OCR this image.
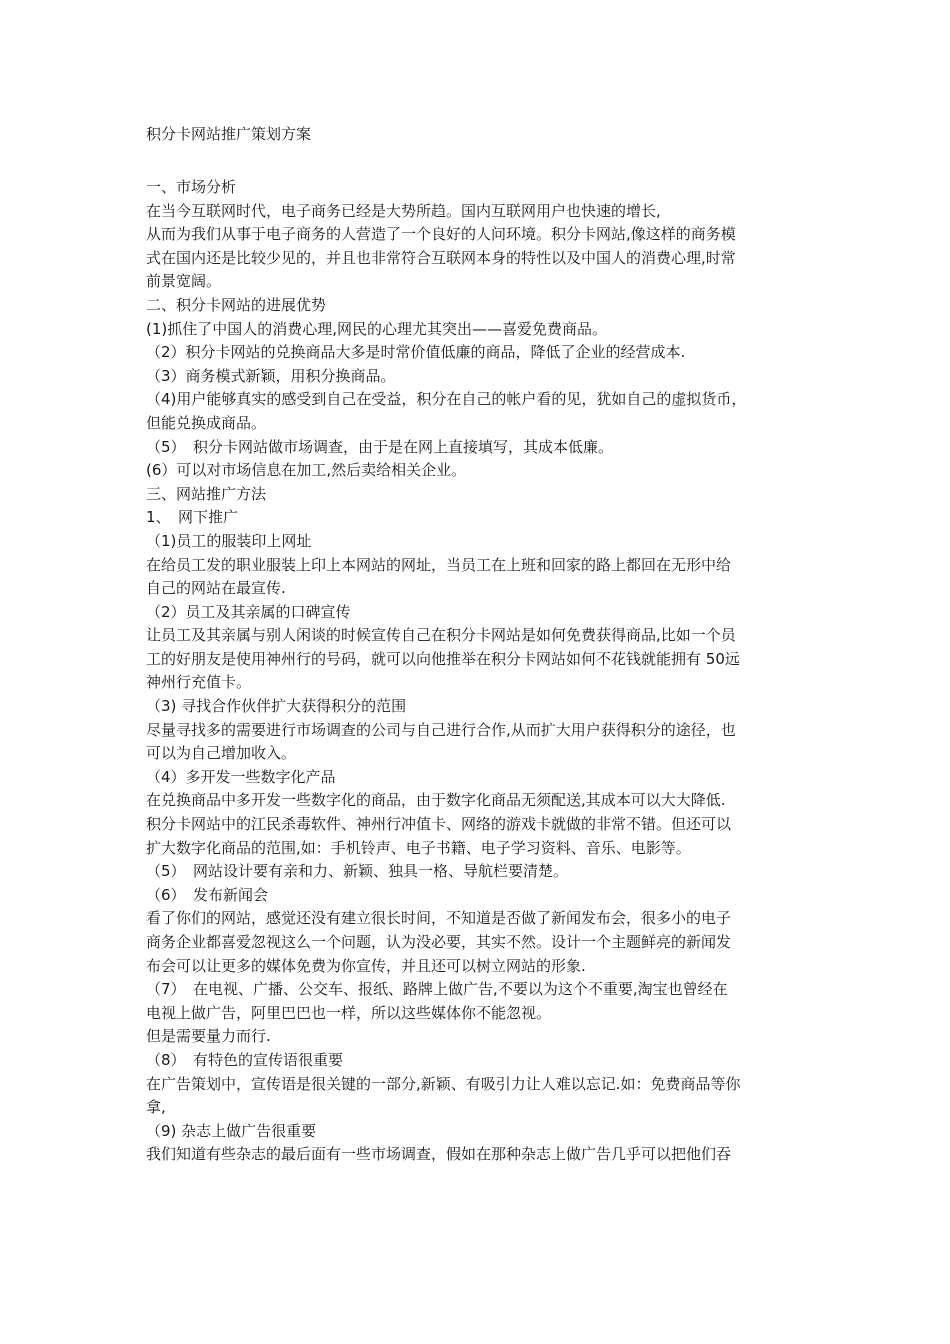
积分卡网站推广策划方案
一、市场分析
在当今互联网时代，电子商务已经是大势所趋。国内互联网用户也快速的增长,
从而为我们从事于电子商务的人营造了一个良好的人问环境。积分卡网站,像这样的商务模
式在国内还是比较少见的，并且也非常符合互联网本身的特性以及中国人的消费心理,时常
前景宽阔。
二、积分卡网站的进展优势
(1)抓住了中国人的消费心理,网民的心理尤其突出——喜爱免费商品。
（2）积分卡网站的兑换商品大多是时常价值低廉的商品，降低了企业的经营成本.
（3）商务模式新颖，用积分换商品。
（4)用户能够真实的感受到自己在受益，积分在自己的帐户看的见，犹如自己的虚拟货币，
但能兑换成商品。
（5）　积分卡网站做市场调查，由于是在网上直接填写，其成本低廉。
(6）可以对市场信息在加工,然后卖给相关企业。
三、网站推广方法
1、　网下推广
（1)员工的服装印上网址
在给员工发的职业服装上印上本网站的网址，当员工在上班和回家的路上都回在无形中给
自己的网站在最宣传.
（2）员工及其亲属的口碑宣传
让员工及其亲属与别人闲谈的时候宣传自己在积分卡网站是如何免费获得商品,比如一个员
工的好朋友是使用神州行的号码，就可以向他推举在积分卡网站如何不花钱就能拥有 50远
神州行充值卡。
（3) 寻找合作伙伴扩大获得积分的范围
尽量寻找多的需要进行市场调查的公司与自己进行合作,从而扩大用户获得积分的途径，也
可以为自己增加收入。
（4）多开发一些数字化产品
在兑换商品中多开发一些数字化的商品，由于数字化商品无须配送,其成本可以大大降低.
积分卡网站中的江民杀毒软件、神州行冲值卡、网络的游戏卡就做的非常不错。但还可以
扩大数字化商品的范围,如：手机铃声、电子书籍、电子学习资料、音乐、电影等。
（5）　网站设计要有亲和力、新颖、独具一格、导航栏要清楚。
（6）　发布新闻会
看了你们的网站，感觉还没有建立很长时间，不知道是否做了新闻发布会，很多小的电子
商务企业都喜爱忽视这么一个问题，认为没必要，其实不然。设计一个主题鲜亮的新闻发
布会可以让更多的媒体免费为你宣传，并且还可以树立网站的形象.
（7）　在电视、广播、公交车、报纸、路牌上做广告,不要以为这个不重要,淘宝也曾经在
电视上做广告，阿里巴巴也一样，所以这些媒体你不能忽视。
但是需要量力而行.
（8）　有特色的宣传语很重要
在广告策划中，宣传语是很关键的一部分,新颖、有吸引力让人难以忘记.如：免费商品等你
拿,
（9) 杂志上做广告很重要
我们知道有些杂志的最后面有一些市场调查，假如在那种杂志上做广告几乎可以把他们吞
